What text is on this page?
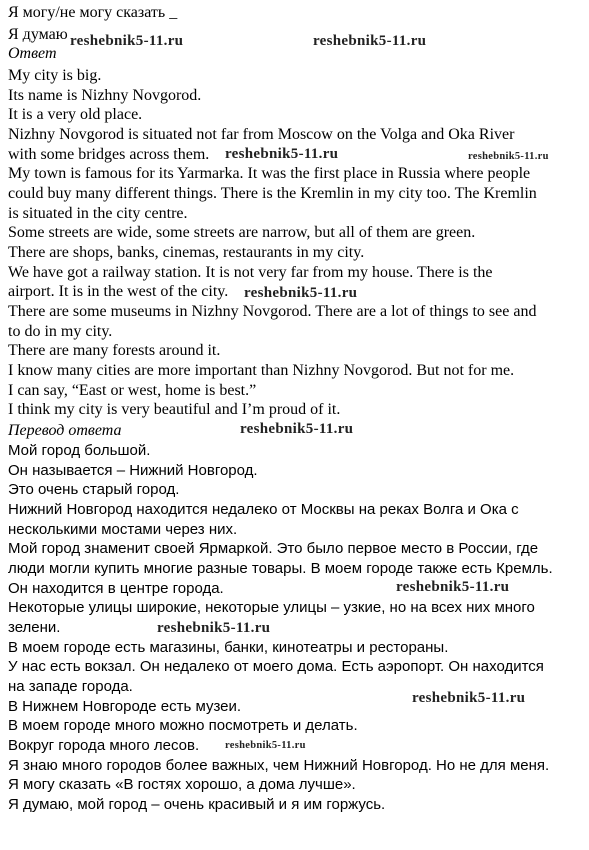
Я могу/не могу сказать _
Я думаю
Ответ
My city is big.
Its name is Nizhny Novgorod.
It is a very old place.
Nizhny Novgorod is situated not far from Moscow on the Volga and Oka River
with some bridges across them.
My town is famous for its Yarmarka. It was the first place in Russia where people
could buy many different things. There is the Kremlin in my city too. The Kremlin
is situated in the city centre.
Some streets are wide, some streets are narrow, but all of them are green.
There are shops, banks, cinemas, restaurants in my city.
We have got a railway station. It is not very far from my house. There is the
airport. It is in the west of the city.
There are some museums in Nizhny Novgorod. There are a lot of things to see and
to do in my city.
There are many forests around it.
I know many cities are more important than Nizhny Novgorod. But not for me.
I can say, “East or west, home is best.”
I think my city is very beautiful and I’m proud of it.
Перевод ответа
Мой город большой.
Он называется – Нижний Новгород.
Это очень старый город.
Нижний Новгород находится недалеко от Москвы на реках Волга и Ока с
несколькими мостами через них.
Мой город знаменит своей Ярмаркой. Это было первое место в России, где
люди могли купить многие разные товары. В моем городе также есть Кремль.
Он находится в центре города.
Некоторые улицы широкие, некоторые улицы – узкие, но на всех них много
зелени.
В моем городе есть магазины, банки, кинотеатры и рестораны.
У нас есть вокзал. Он недалеко от моего дома. Есть аэропорт. Он находится
на западе города.
В Нижнем Новгороде есть музеи.
В моем городе много можно посмотреть и делать.
Вокруг города много лесов.
Я знаю много городов более важных, чем Нижний Новгород. Но не для меня.
Я могу сказать «В гостях хорошо, а дома лучше».
Я думаю, мой город – очень красивый и я им горжусь.
reshebnik5-11.ru	reshebnik5-11.ru
reshebnik5-11.ru	reshebnik5-11.ru
reshebnik5-11.ru
reshebnik5-11.ru
reshebnik5-11.ru
reshebnik5-11.ru
reshebnik5-11.ru
reshebnik5-11.ru
